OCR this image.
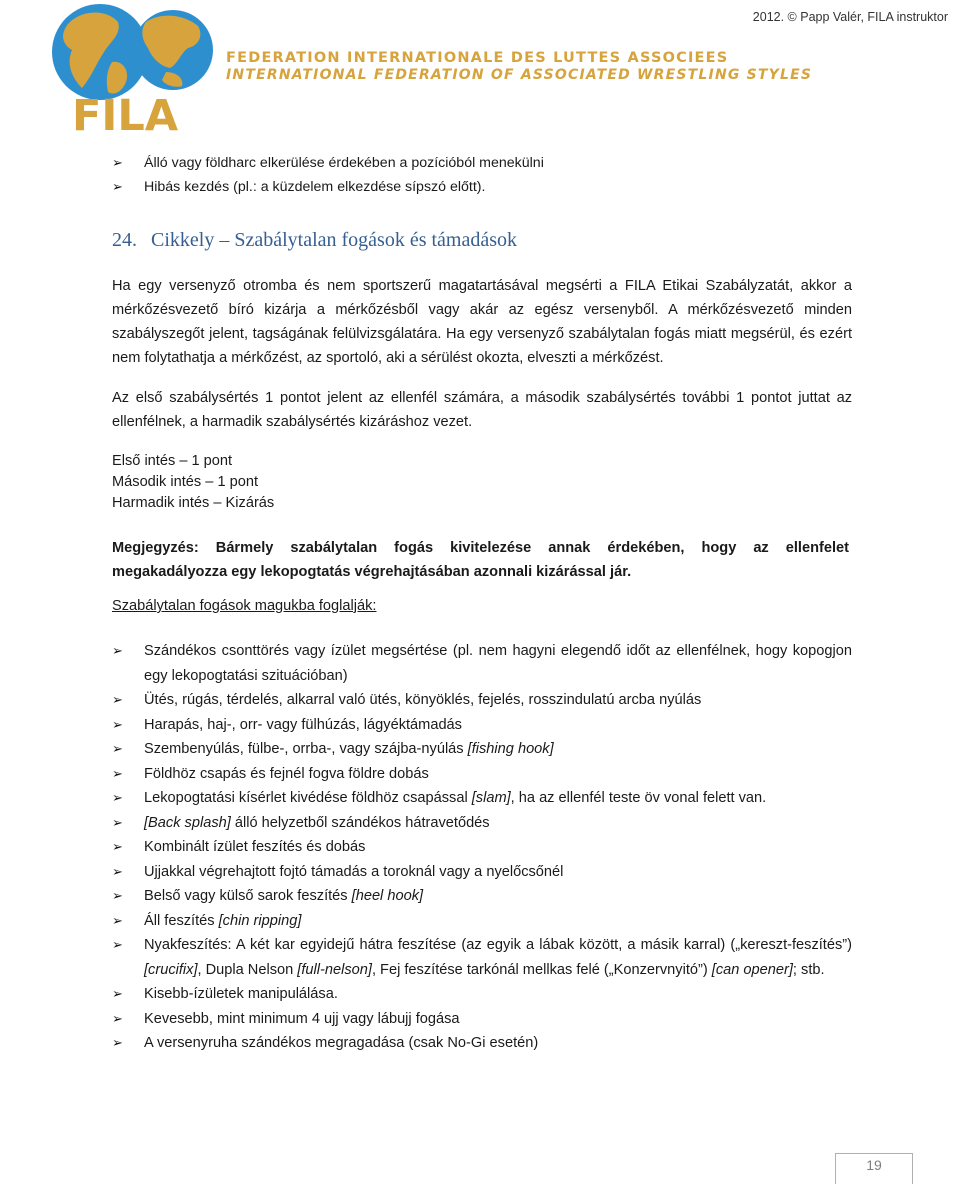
FILA
FEDERATION INTERNATIONALE DES LUTTES ASSOCIEES
INTERNATIONAL FEDERATION OF ASSOCIATED WRESTLING STYLES
2012. © Papp Valér, FILA instruktor
➢	Álló vagy földharc elkerülése érdekében a pozícióból menekülni
➢	Hibás kezdés (pl.: a küzdelem elkezdése sípszó előtt).
24. Cikkely – Szabálytalan fogások és támadások
Ha egy versenyző otromba és nem sportszerű magatartásával megsérti a FILA Etikai Szabályzatát, akkor a mérkőzésvezető bíró kizárja a mérkőzésből vagy akár az egész versenyből. A mérkőzésvezető minden szabályszegőt jelent, tagságának felülvizsgálatára. Ha egy versenyző szabálytalan fogás miatt megsérül, és ezért nem folytathatja a mérkőzést, az sportoló, aki a sérülést okozta, elveszti a mérkőzést.
Az első szabálysértés 1 pontot jelent az ellenfél számára, a második szabálysértés további 1 pontot juttat az ellenfélnek, a harmadik szabálysértés kizáráshoz vezet.
Első intés – 1 pont
Második intés – 1 pont
Harmadik intés – Kizárás
Megjegyzés: Bármely szabálytalan fogás kivitelezése annak érdekében, hogy az ellenfelet megakadályozza egy lekopogtatás végrehajtásában azonnali kizárással jár.
Szabálytalan fogások magukba foglalják:
➢	Szándékos csonttörés vagy ízület megsértése (pl. nem hagyni elegendő időt az ellenfélnek, hogy kopogjon egy lekopogtatási szituációban)
➢	Ütés, rúgás, térdelés, alkarral való ütés, könyöklés, fejelés, rosszindulatú arcba nyúlás
➢	Harapás, haj-, orr- vagy fülhúzás, lágyéktámadás
➢	Szembenyúlás, fülbe-, orrba-, vagy szájba-nyúlás [fishing hook]
➢	Földhöz csapás és fejnél fogva földre dobás
➢	Lekopogtatási kísérlet kivédése földhöz csapással [slam], ha az ellenfél teste öv vonal felett van.
➢	[Back splash] álló helyzetből szándékos hátravetődés
➢	Kombinált ízület feszítés és dobás
➢	Ujjakkal végrehajtott fojtó támadás a toroknál vagy a nyelőcsőnél
➢	Belső vagy külső sarok feszítés [heel hook]
➢	Áll feszítés [chin ripping]
➢	Nyakfeszítés: A két kar egyidejű hátra feszítése (az egyik a lábak között, a másik karral) („kereszt-feszítés”) [crucifix], Dupla Nelson [full-nelson], Fej feszítése tarkónál mellkas felé („Konzervnyitó”) [can opener]; stb.
➢	Kisebb-ízületek manipulálása.
➢	Kevesebb, mint minimum 4 ujj vagy lábujj fogása
➢	A versenyruha szándékos megragadása (csak No-Gi esetén)
19
